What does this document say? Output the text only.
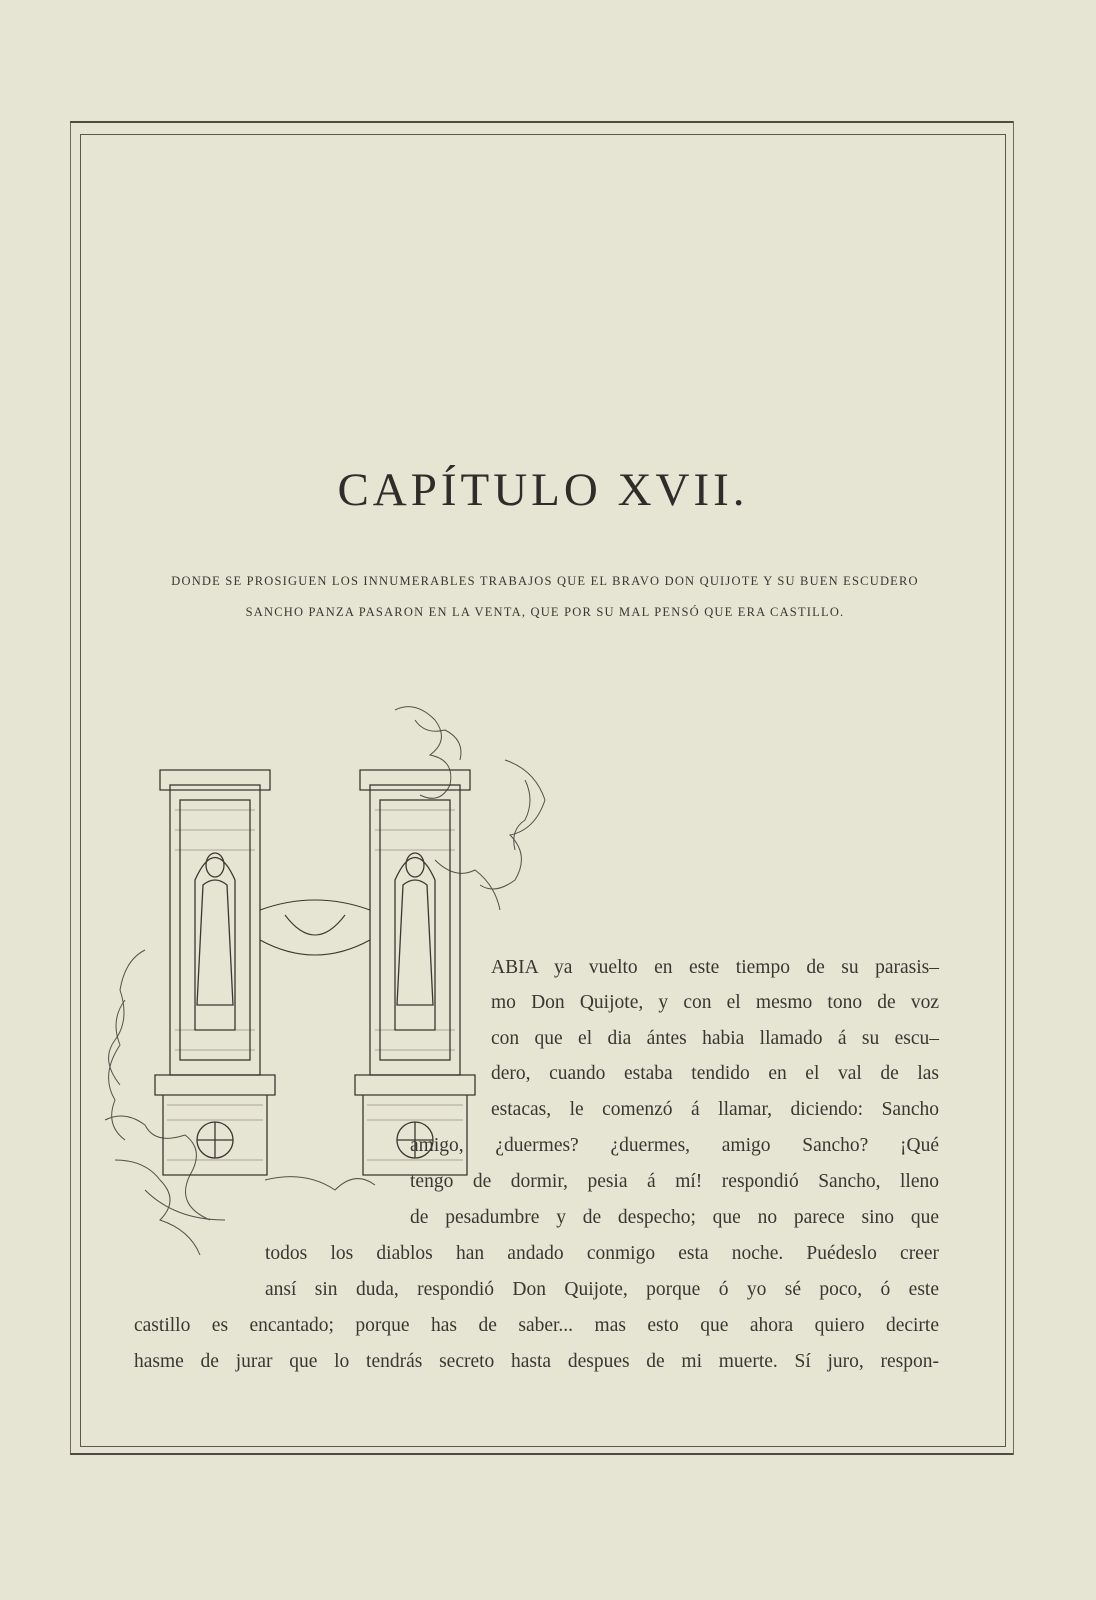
CAPÍTULO XVII.
DONDE SE PROSIGUEN LOS INNUMERABLES TRABAJOS QUE EL BRAVO DON QUIJOTE Y SU BUEN ESCUDERO
SANCHO PANZA PASARON EN LA VENTA, QUE POR SU MAL PENSÓ QUE ERA CASTILLO.
ABIA ya vuelto en este tiempo de su parasis–
mo Don Quijote, y con el mesmo tono de voz
con que el dia ántes habia llamado á su escu–
dero, cuando estaba tendido en el val de las
estacas, le comenzó á llamar, diciendo: Sancho
amigo, ¿duermes? ¿duermes, amigo Sancho? ¡Qué
tengo de dormir, pesia á mí! respondió Sancho, lleno
de pesadumbre y de despecho; que no parece sino que
todos los diablos han andado conmigo esta noche. Puédeslo creer
ansí sin duda, respondió Don Quijote, porque ó yo sé poco, ó este
castillo es encantado; porque has de saber... mas esto que ahora quiero decirte
hasme de jurar que lo tendrás secreto hasta despues de mi muerte. Sí juro, respon-
